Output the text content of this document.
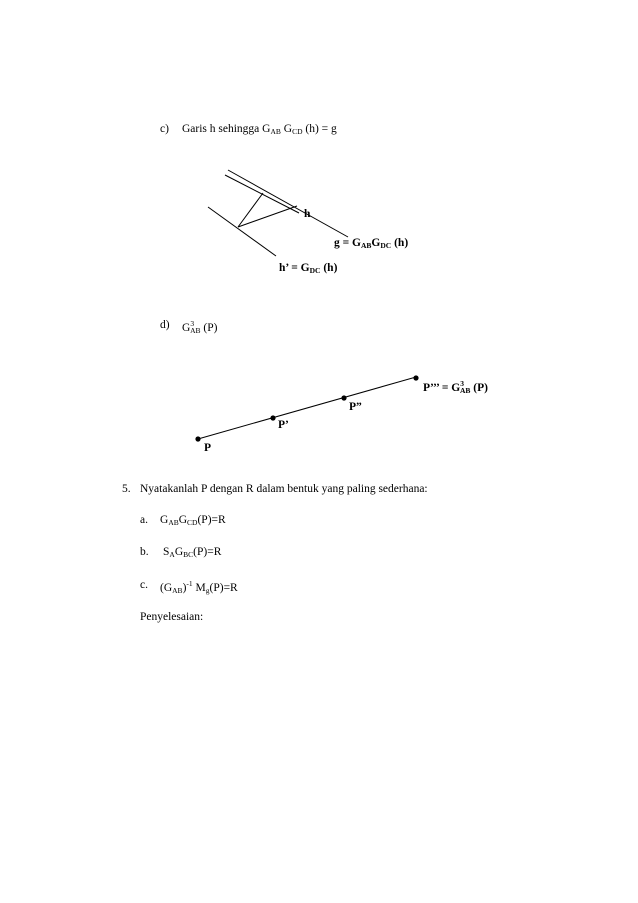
c) Garis h sehingga $G_{AB}$ $G_{CD}$ (h) = g
h
$g = G_{AB}G_{DC}$ (h)
h’ = $G_{DC}$ (h)
d) $G^3_{AB}$ (P)
P
P’
P”
P’’’ = $G^3_{AB}$ (P)
5. Nyatakanlah P dengan R dalam bentuk yang paling sederhana:
a. $G_{AB}G_{CD}(P)=R$
b. $S_AG_{BC}(P)=R$
c. $(G_{AB})^{-1}$ $M_g(P)=R$
Penyelesaian:
